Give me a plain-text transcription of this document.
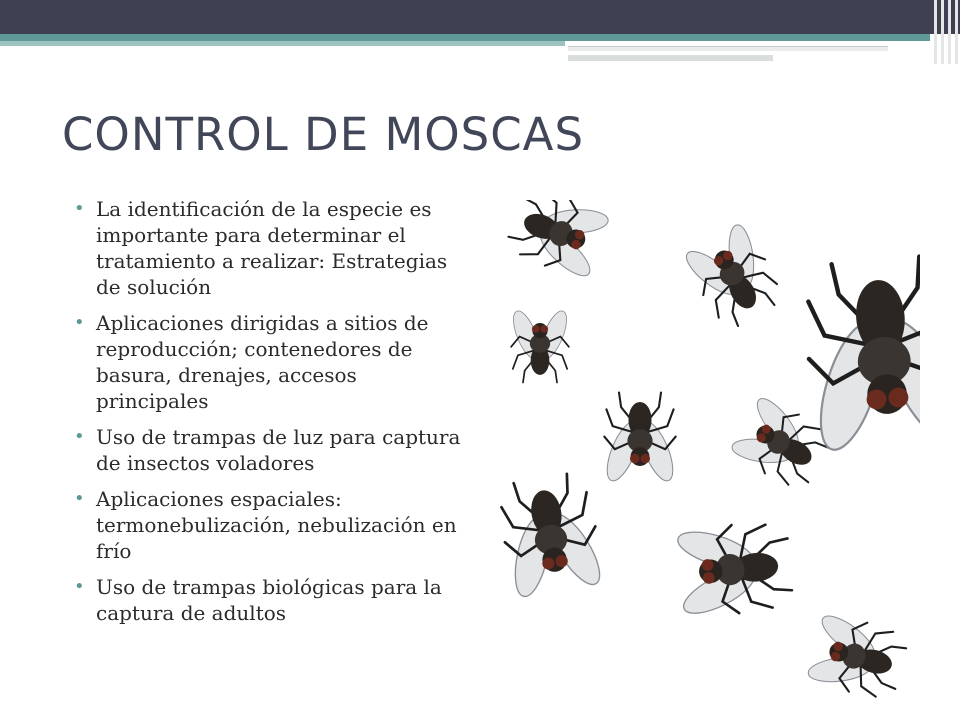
CONTROL DE MOSCAS
• La identificación de la especie es importante para determinar el tratamiento a realizar: Estrategias de solución
• Aplicaciones dirigidas a sitios de reproducción; contenedores de basura, drenajes, accesos principales
• Uso de trampas de luz para captura de insectos voladores
• Aplicaciones espaciales: termonebulización, nebulización en frío
• Uso de trampas biológicas para la captura de adultos
